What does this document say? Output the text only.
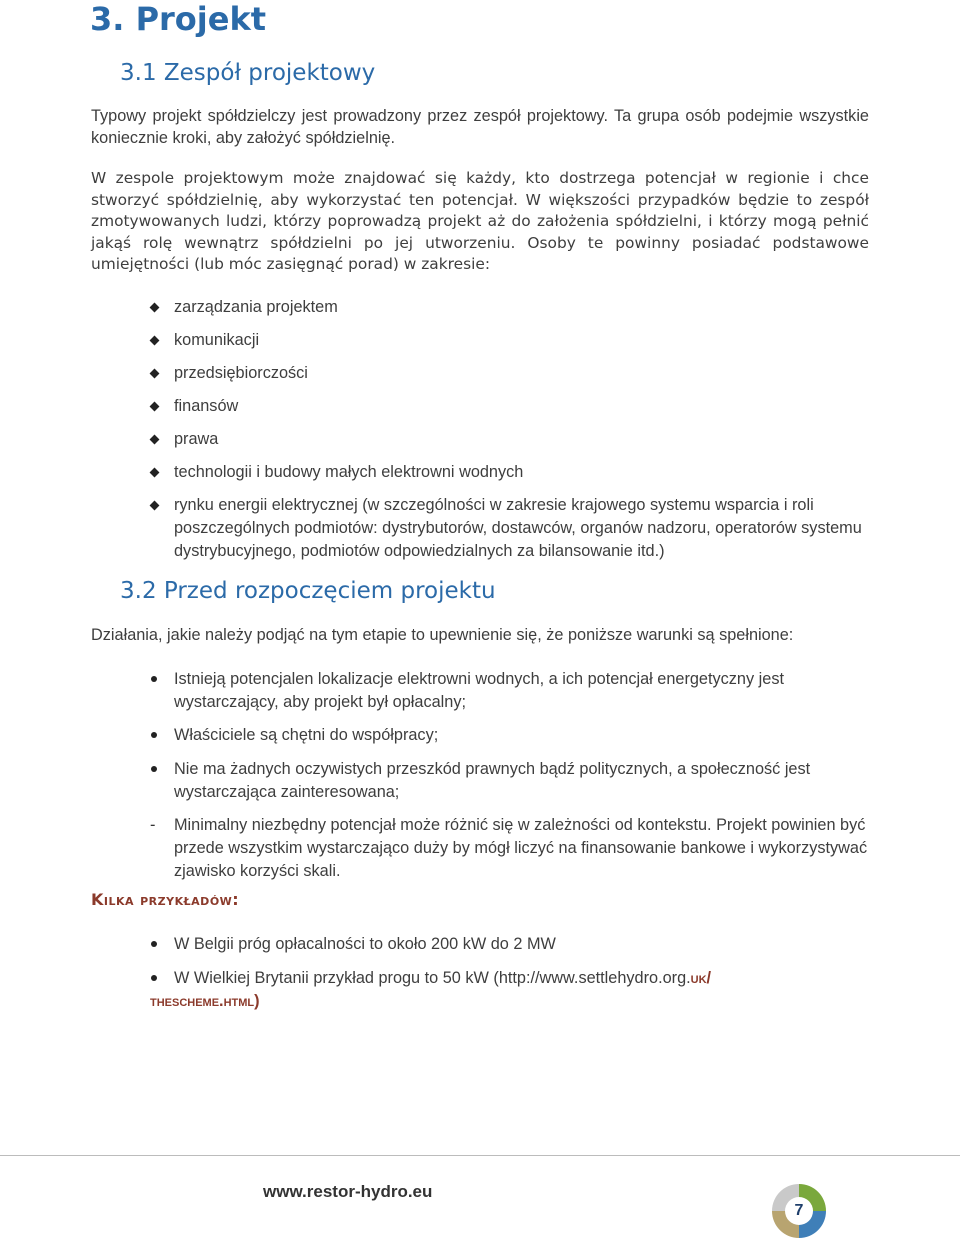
3. Projekt
3.1 Zespół projektowy

Typowy projekt spółdzielczy jest prowadzony przez zespół projektowy. Ta grupa osób podejmie wszystkie koniecznie kroki, aby założyć spółdzielnię.

W zespole projektowym może znajdować się każdy, kto dostrzega potencjał w regionie i chce stworzyć spółdzielnię, aby wykorzystać ten potencjał. W większości przypadków będzie to zespół zmotywowanych ludzi, którzy poprowadzą projekt aż do założenia spółdzielni, i którzy mogą pełnić jakąś rolę wewnątrz spółdzielni po jej utworzeniu. Osoby te powinny posiadać podstawowe umiejętności (lub móc zasięgnąć porad) w zakresie:

zarządzania projektem
komunikacji
przedsiębiorczości
finansów
prawa
technologii i budowy małych elektrowni wodnych
rynku energii elektrycznej (w szczególności w zakresie krajowego systemu wsparcia i roli poszczególnych podmiotów: dystrybutorów, dostawców, organów nadzoru, operatorów systemu dystrybucyjnego, podmiotów odpowiedzialnych za bilansowanie itd.)
3.2 Przed rozpoczęciem projektu

Działania, jakie należy podjąć na tym etapie to upewnienie się, że poniższe warunki są spełnione:

Istnieją potencjalen lokalizacje elektrowni wodnych, a ich potencjał energetyczny jest wystarczający, aby projekt był opłacalny;
Właściciele są chętni do współpracy;
Nie ma żadnych oczywistych przeszkód prawnych bądź politycznych, a społeczność jest wystarczająca zainteresowana;
- Minimalny niezbędny potencjał może różnić się w zależności od kontekstu. Projekt powinien być przede wszystkim wystarczająco duży by mógł liczyć na finansowanie bankowe i wykorzystywać zjawisko korzyści skali.
Kilka przykładów:
W Belgii próg opłacalności to około 200 kW do 2 MW
W Wielkiej Brytanii przykład progu to 50 kW (http://www.settlehydro.org.uk/
thescheme.html)
www.restor-hydro.eu
7
